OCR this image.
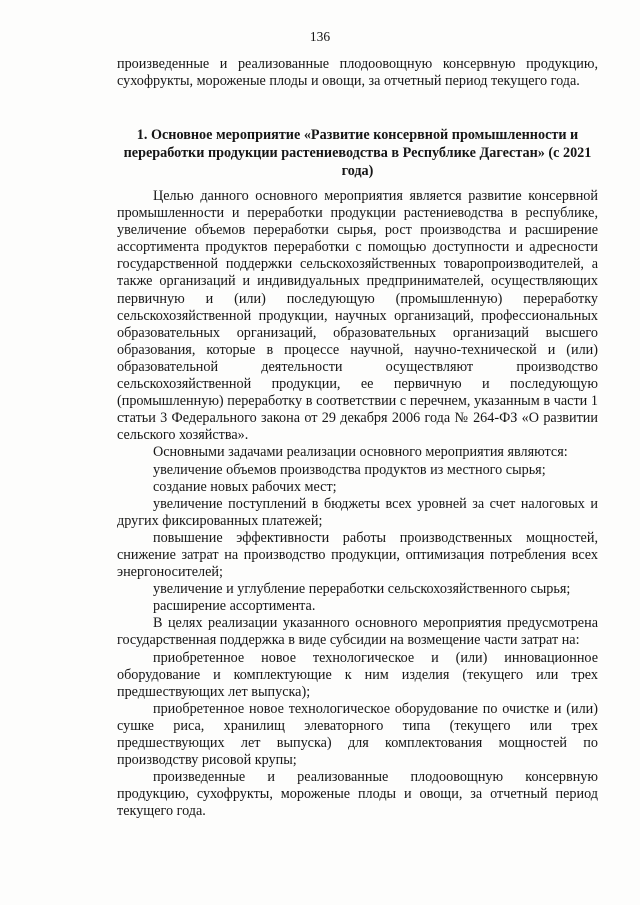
136

произведенные и реализованные плодоовощную консервную продукцию, сухофрукты, мороженые плоды и овощи, за отчетный период текущего года.

1. Основное мероприятие «Развитие консервной промышленности и переработки продукции растениеводства в Республике Дагестан» (с 2021 года)

Целью данного основного мероприятия является развитие консервной промышленности и переработки продукции растениеводства в республике, увеличение объемов переработки сырья, рост производства и расширение ассортимента продуктов переработки с помощью доступности и адресности государственной поддержки сельскохозяйственных товаропроизводителей, а также организаций и индивидуальных предпринимателей, осуществляющих первичную и (или) последующую (промышленную) переработку сельскохозяйственной продукции, научных организаций, профессиональных образовательных организаций, образовательных организаций высшего образования, которые в процессе научной, научно-технической и (или) образовательной деятельности осуществляют производство сельскохозяйственной продукции, ее первичную и последующую (промышленную) переработку в соответствии с перечнем, указанным в части 1 статьи 3 Федерального закона от 29 декабря 2006 года № 264-ФЗ «О развитии сельского хозяйства».

Основными задачами реализации основного мероприятия являются:

увеличение объемов производства продуктов из местного сырья;

создание новых рабочих мест;

увеличение поступлений в бюджеты всех уровней за счет налоговых и других фиксированных платежей;

повышение эффективности работы производственных мощностей, снижение затрат на производство продукции, оптимизация потребления всех энергоносителей;

увеличение и углубление переработки сельскохозяйственного сырья;

расширение ассортимента.

В целях реализации указанного основного мероприятия предусмотрена государственная поддержка в виде субсидии на возмещение части затрат на:

приобретенное новое технологическое и (или) инновационное оборудование и комплектующие к ним изделия (текущего или трех предшествующих лет выпуска);

приобретенное новое технологическое оборудование по очистке и (или) сушке риса, хранилищ элеваторного типа (текущего или трех предшествующих лет выпуска) для комплектования мощностей по производству рисовой крупы;

произведенные и реализованные плодоовощную консервную продукцию, сухофрукты, мороженые плоды и овощи, за отчетный период текущего года.
